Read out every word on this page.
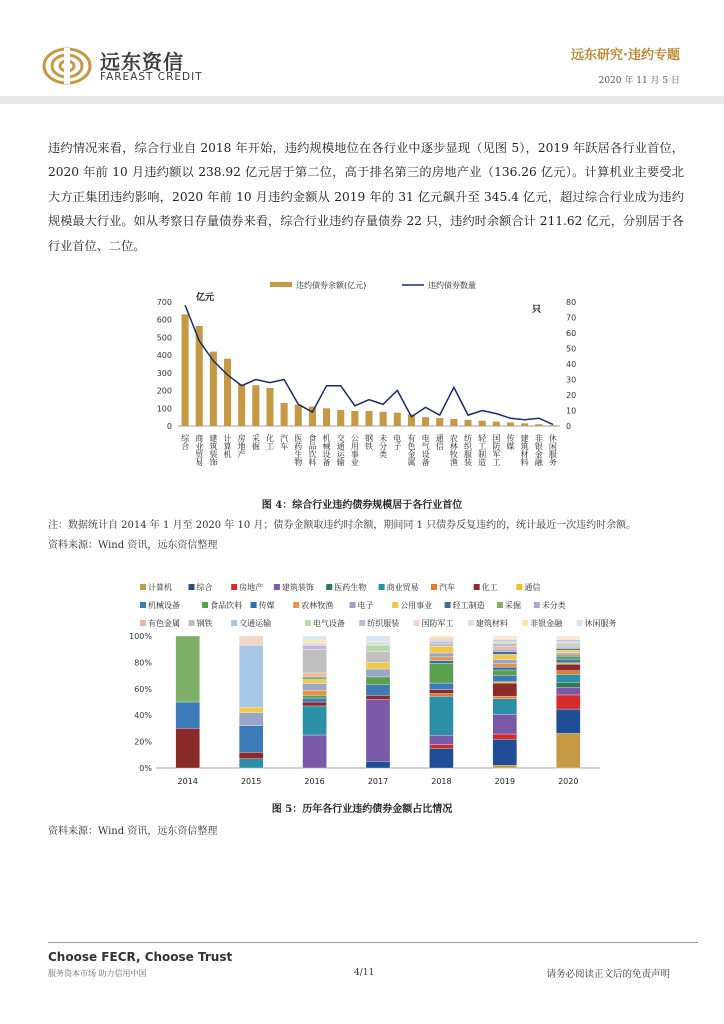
远东资信
FAREAST CREDIT
远东研究·违约专题
2020 年 11 月 5 日

违约情况来看，综合行业自 2018 年开始，违约规模地位在各行业中逐步显现（见图 5），2019 年跃居各行业首位，2020 年前 10 月违约额以 238.92 亿元居于第二位，高于排名第三的房地产业（136.26 亿元）。计算机业主要受北大方正集团违约影响，2020 年前 10 月违约金额从 2019 年的 31 亿元飙升至 345.4 亿元，超过综合行业成为违约规模最大行业。如从考察日存量债券来看，综合行业违约存量债券 22 只，违约时余额合计 211.62 亿元，分别居于各行业首位、二位。

违约债券余额(亿元)	违约债券数量
亿元
只
0
100
200
300
400
500
600
700
0
10
20
30
40
50
60
70
80
综合 商业贸易 建筑装饰 计算机 房地产 采掘 化工 汽车 医药生物 食品饮料 机械设备 交通运输 公用事业 钢铁 未分类 电子 有色金属 电气设备 通信 农林牧渔 纺织服装 轻工制造 国防军工 传媒 建筑材料 非银金融 休闲服务
图 4：综合行业违约债券规模居于各行业首位
注：数据统计自 2014 年 1 月至 2020 年 10 月；债券金额取违约时余额，期间同 1 只债券反复违约的，统计最近一次违约时余额。
资料来源：Wind 资讯，远东资信整理
计算机	综合	房地产 建筑装饰	医药生物	商业贸易	汽车	化工	通信
机械设备	食品饮料 传媒	农林牧渔	电子	公用事业	轻工制造	采掘	未分类
有色金属 钢铁	交通运输	电气设备	纺织服装	国防军工	建筑材料	非银金融	休闲服务
0%
20%
40%
60%
80%
100%
2014	2015	2016	2017	2018	2019	2020
图 5：历年各行业违约债券金额占比情况
资料来源：Wind 资讯，远东资信整理
Choose FECR, Choose Trust
服务资本市场 助力信用中国	4/11	请务必阅读正文后的免责声明
